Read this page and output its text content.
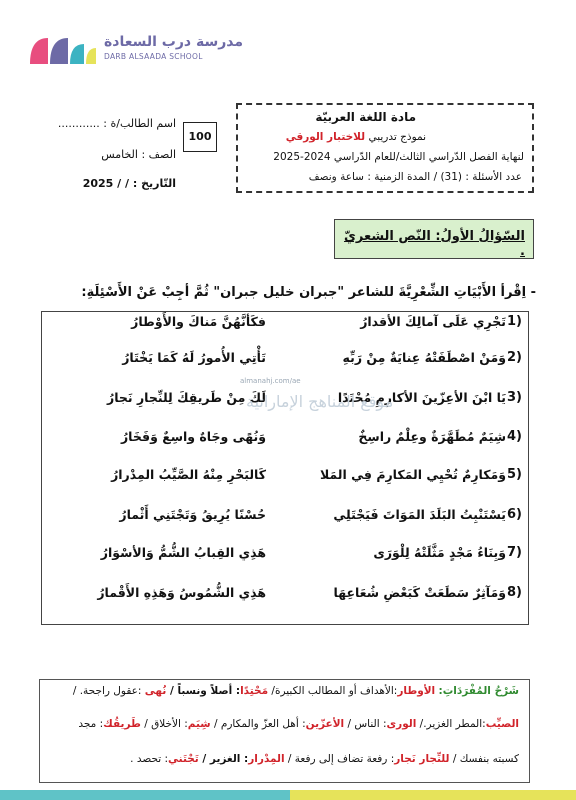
مدرسة درب السعادة
DARB ALSAADA SCHOOL
مادة اللغة العربيّة
نموذج تدريبي للاختبار الورقي
لنهاية الفصل الدّراسي الثالث/للعام الدّراسي 2024-2025
عدد الأسئلة : (31) / المدة الزمنية : ساعة ونصف
100
اسم الطالب/ة : ............
الصف : الخامس
التّاريخ : / / 2025
السّؤالُ الأولُ: النّص الشعريّ .
- اِقْرأ الأَبْيَاتِ الشِّعْرِيَّةَ للشاعر "جبران خليل جبران" ثُمَّ أجِبْ عَنْ الأَسْئِلَةِ:
1)
تَجْرِي عَلَى آمالِكَ الأقدارُ
فكَأنَّهُنَّ مَناكَ والأَوْطارُ
2)
وَمَنْ اصْطَفَتْهُ عِنايَةٌ مِنْ رَبِّهِ
تَأْتِي الأُمورُ لَهُ كَمَا يَخْتَارُ
3)
يَا ابْنَ الأعِزّينَ الأكارِمِ مُحْتَدًا
لَكَ مِنْ طَريقِكَ لِلنِّجارِ نَجارُ
4)
شِيَمٌ مُطَهَّرَةٌ وعِلْمٌ راسِخٌ
وَنُهًى وجَاهٌ واسِعٌ وَفَخَارُ
5)
وَمَكارِمٌ تُحْيِي المَكارِمَ فِي المَلا
كَالبَحْرِ مِنْهُ الصَّيِّبُ المِدْرارُ
6)
يَسْتَنْبِتُ البَلَدَ المَوَاتَ فَيَجْتَلِي
حُسْنًا يُرِيقُ وَتَجْتَنِي أَثْمارُ
7)
وَبِنَاءُ مَجْدٍ مَثَّلَتْهُ لِلْوَرَى
هَذِي القِبابُ الشُّمُّ وَالأسْوَارُ
8)
وَمَآثِرٌ سَطَعَتْ كَبَعْضِ شُعَاعِهَا
هَذِي الشُّمُوسُ وَهَذِهِ الأَقْمارُ
almanahj.com/ae
موقع المناهج الإماراتية
شَرْحُ المُفْرَدَاتِ: الأوطار:الأهداف أو المطالب الكبيرة/ مَحْتِدًا: أصلاً ونسباً / نُهى :عقول راجحة. /
الصيِّب:المطر الغزير./ الورى: الناس / الأعزّين: أهل العزّ والمكارم / شِيَم: الأخلاق / طَريقُك: مجد
كسبته بنفسك / للنِّجار نَجار: رفعة تضاف إلى رفعة / المِدْرار: الغزير / تَجْتَني: تحصد .
